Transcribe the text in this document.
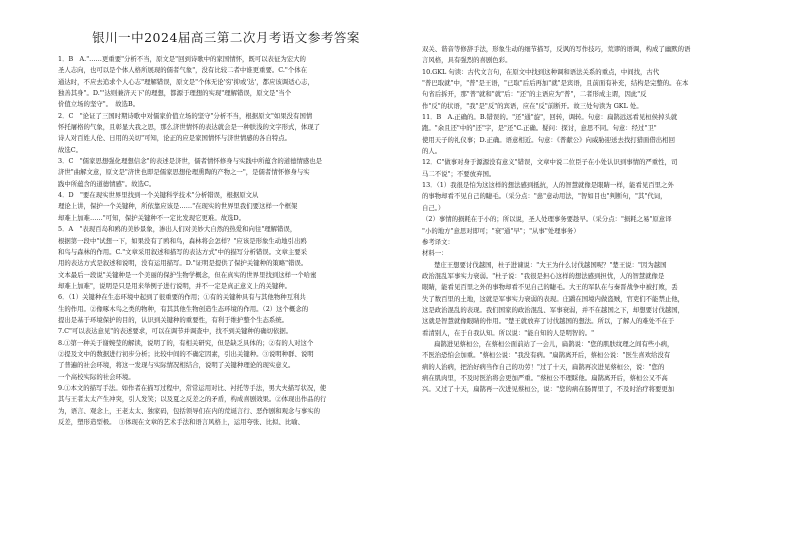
银川一中2024届高三第二次月考语文参考答案
1．B　A."……更重要"分析不当，原文是"回到诗歌中的家国情怀，既可以表征为宏大的
圣人志向，也可以是个体人格所展现的儒者气象"，没有比较二者中谁更重要。C."个体在
通达时，不应去追求个人心志"理解错误，原文是"个体无论'穷'抑或'达'，都应该调适心志，
独善其身"。D."'达则兼济天下'的理想，都源于理想的实现"理解错误，原文是"当个
价值立场的坚守"。　故选B。
2．C　"论证了三国时期诗歌中对儒家价值立场的坚守"分析不当，根据原文"如果没有国情
怀托屠格的气象，且彰显大我之思，那么济世情怀的表达就会是一种肤浅的文字形式，体现了
诗人对百姓人伦、日用的关切"可知，论正的应是家国情怀与济世情感的各自特点。
故选C。
3．C　"儒家思想强化理想信念"的表述是济世，儒者情怀修身与实践中所蕴含的道德情感也是
济世"曲解文意，原文是"济世也即是儒家思想伦理熏陶的产物之一"，是儒者情怀修身与实
践中所蕴含的道德情感"。故选C。
4．D　"要在现实世界里找到一个关键科学技术"分析错误，根据原文从
理论上讲，保护一个关键种，所依靠应该是……"在现实的世界里我们要这样一个框架
却难上加难……"可知，保护关键种不一定比发现它更难。故选D。
5．A　"表现百岛和鸥的美妙景象，渗出人们对美妙大自然的热爱和向往"理解错误，
根据第一段中"试想一下，如果没有了鸥和鸟，森林将会怎样？"应该是形象生动地引出鸥
和鸟与森林的作用。C."文章采用叙述和描写的表达方式"中的描写分析错误。文章主要采
用的表达方式是叙述和说明，没有运用描写。D."证明是提供了保护关键种的策略"错误。
文本最后一段说"关键种是一个美丽的保护生物学概念，但在真实的世界里找到这样一个哈蜜
却难上加难"，说明是只是用来举例子进行说明，并不一定是真正意义上的关键种。
6．（1）关键种在生态环境中起到了很重要的作用；①有的关键种具有与其他物种互利共
生的作用。②像啄木鸟之类的物种，有其其他生物创造生态环境的作用。（2）这个概念的
提出是基于环境保护的目的，认识到关键种的重要性，有利于维护整个生态系统。
7.C"可以表达意见"的表述要求，可以在调节并调查中，找不到关键种的确切依据。
8.①第一种关于谢婉莹的解读，说明了的，有相关研究，但是缺乏具体的；②有的人对这个
②提及文中的数据进行初步分析；比较中间的不确定因素，引出关键种。③说明种群、说明
了普遍的社会环境，将这一发现与实际情况相结合，说明了关键种理论的现实意义。
一个高校实际的社会环境。
9.①本文的描写手法。如作者在描写过程中，常常运用对比、衬托等手法，男大夫描写状况，使
其与王者太太产生冲突，引人发笑；以及夏之反差之的矛盾，构成喜剧效果。②体现出作品的行
为，语言、观念上，王老太太、独家码，包括领导们在内的荒诞言行、恶作剧和观念与事实的
反差，塑形造型极。　③体现在文章的艺术手法和语言风格上，运用夸张、比拟、比喻、
双关、谐音等修辞手法，形象生动的细节描写，反讽的写作技巧，荒谬的语调，构成了幽默的语
言风格，具有强烈的喜剧色彩。
10.GKL 句读：古代文言句，在原文中找到这种调和语法关系的重点，中间找，古代
"普巴取就"中，"普"是王语，"已取"后后再加"就"是宾语，且前面有补充，结构是完整的。在本
句省后拆开，那"普"就和"就"后："还"的主语应为"普"，二者形成主谓，因此"反
作"反"的状语，"我"是"反"的宾语，应在"反"前断开。故三处句读为 GKL 处。
11．B　A.正确的。B.错误的。"还"通"旋"，回转，调转。句意：扁鹊远远看见桓侯掉头就
跑。"余且还"中的"还"字，是"还"C.正确。疑问：探讨，意思不同。句意：经过"卫"
使用天子的礼仪事；D.正确。语意相近。句意：《普献公》向威胁迎送去找打猎面借出相回
的人。
12．C"做事对身于源源没有意义"错误，文章中说二位臣子在小处认识到事情的严重性，司
马二不说"；不要放弃国。
13．（1）我很是怕为这这样的想法感到抵抗，人的智慧就像是眼睛一样，能看见百里之外
的事物却看不见自己的睫毛。（采分点："患"意动用法，"智如目也"判断句，"其"代词，
自己。）
（2）事情的损耗在于小的；所以说，圣人处理事务要趁早。（采分点："损耗之易"原意译
"小的地方"意思对即可；"衰"通"早"；"从事"处理事务）
参考译文：
材料一：
楚庄王想要讨伐越国，杜子进谏说："大王为什么讨伐越国呢？"楚王说："因为越国
政治混乱军事实力衰弱。"杜子说："我很是担心这样的想法感到担忧，人的智慧就像是
眼睛，能看见百里之外的事物却看不见自己的睫毛。大王的军队在与秦晋战争中被打败，丢
失了数百里的土地，这就是军事实力衰弱的表现。庄蹻在国境内做盗贼，官吏们不能禁止他，
这是政治混乱的表现。我们国家的政治混乱、军事衰弱，并不在越国之下，却想要讨伐越国，
这就是智慧就像眼睛的作用。"楚王就放弃了讨伐越国的想法。所以，了解人的难处不在于
看清别人，在于自我认知。所以说："能自知的人是明智的。"
扁鹊进见蔡桓公，在蔡桓公面前站了一会儿，扁鹊说："您的肌肤纹理之间有些小病，
不医治恐怕会加重。"蔡桓公说："我没有病。"扁鹊离开后，蔡桓公说："医生喜欢给没有
病的人治病，把治好病当作自己的功劳！"过了十天，扁鹊再次进见蔡桓公，说："您的
病在肌肉里，不及时医治将会更加严重。"蔡桓公不理睬他。扁鹊离开后，蔡桓公又不高
兴。又过了十天，扁鹊再一次进见蔡桓公，说："您的病在肠胃里了，不及时治疗将要更加
